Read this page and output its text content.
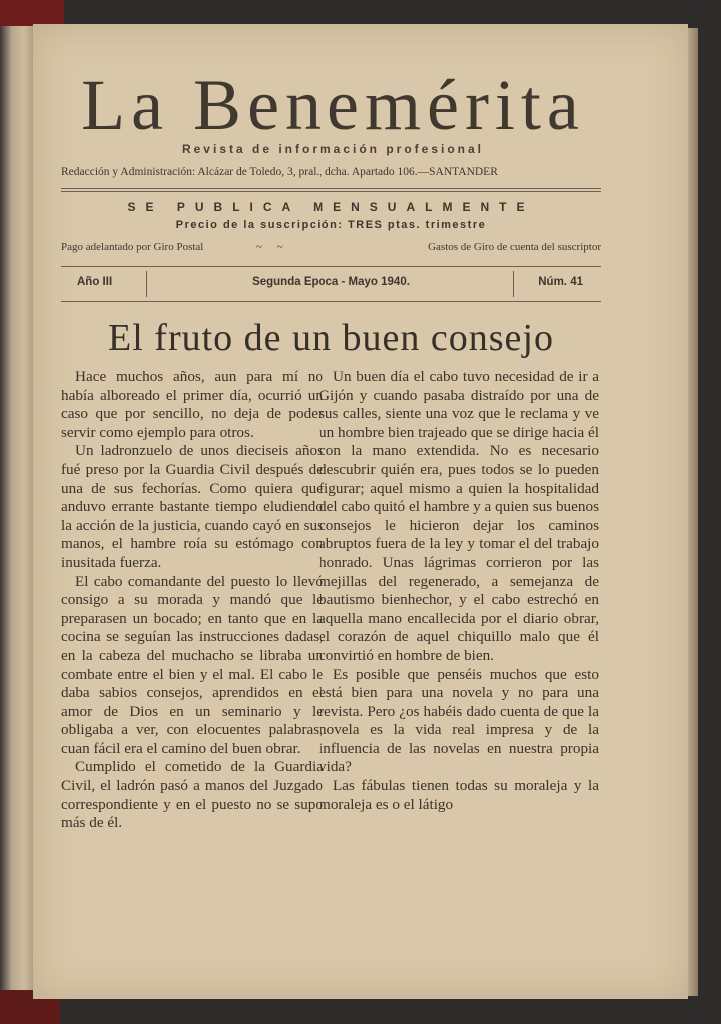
La Benemérita
Revista de información profesional
Redacción y Administración: Alcázar de Toledo, 3, pral., dcha. Apartado 106.—SANTANDER
SE PUBLICA MENSUALMENTE
Precio de la suscripción: TRES ptas. trimestre
Pago adelantado por Giro Postal	~ ~	Gastos de Giro de cuenta del suscriptor
Año III	Segunda Epoca - Mayo 1940.	Núm. 41
El fruto de un buen consejo

Hace muchos años, aun para mí no había alboreado el primer día, ocurrió un caso que por sencillo, no deja de poder servir como ejemplo para otros.

Un ladronzuelo de unos dieciseis años fué preso por la Guardia Civil después de una de sus fechorías. Como quiera que anduvo errante bastante tiempo eludiendo la acción de la justicia, cuando cayó en sus manos, el hambre roía su estómago con inusitada fuerza.

El cabo comandante del puesto lo llevó consigo a su morada y mandó que le preparasen un bocado; en tanto que en la cocina se seguían las instrucciones dadas, en la cabeza del muchacho se libraba un combate entre el bien y el mal. El cabo le daba sabios consejos, aprendidos en el amor de Dios en un seminario y le obligaba a ver, con elocuentes palabras, cuan fácil era el camino del buen obrar.

Cumplido el cometido de la Guardia Civil, el ladrón pasó a manos del Juzgado correspondiente y en el puesto no se supo más de él.

Un buen día el cabo tuvo necesidad de ir a Gijón y cuando pasaba distraído por una de sus calles, siente una voz que le reclama y ve un hombre bien trajeado que se dirige hacia él con la mano extendida. No es necesario descubrir quién era, pues todos se lo pueden figurar; aquel mismo a quien la hospitalidad del cabo quitó el hambre y a quien sus buenos consejos le hicieron dejar los caminos abruptos fuera de la ley y tomar el del trabajo honrado. Unas lágrimas corrieron por las mejillas del regenerado, a semejanza de bautismo bienhechor, y el cabo estrechó en aquella mano encallecida por el diario obrar, el corazón de aquel chiquillo malo que él convirtió en hombre de bien.

Es posible que penséis muchos que esto está bien para una novela y no para una revista. Pero ¿os habéis dado cuenta de que la novela es la vida real impresa y de la influencia de las novelas en nuestra propia vida?

Las fábulas tienen todas su moraleja y la moraleja es o el látigo
